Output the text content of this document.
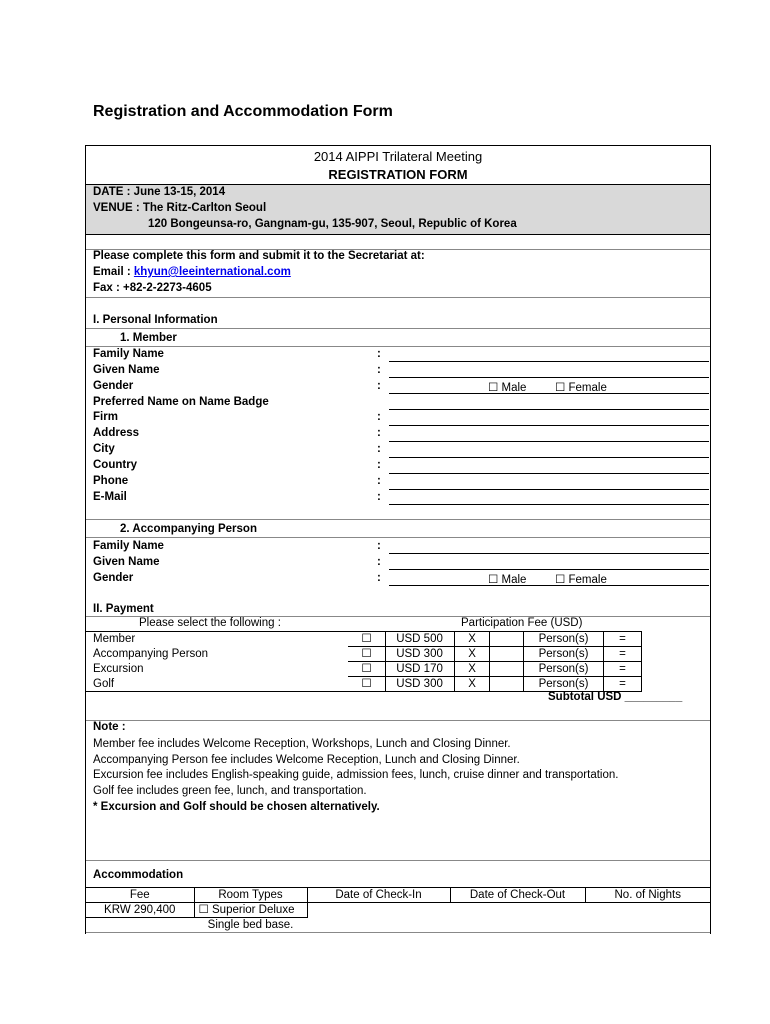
Registration and Accommodation Form
2014 AIPPI Trilateral Meeting
REGISTRATION FORM
DATE : June 13-15, 2014
VENUE : The Ritz-Carlton Seoul
120 Bongeunsa-ro, Gangnam-gu, 135-907, Seoul, Republic of Korea
Please complete this form and submit it to the Secretariat at:
Email : khyun@leeinternational.com
Fax : +82-2-2273-4605
I. Personal Information
1. Member
Family Name	:
Given Name	:
Gender	:	☐ Male ☐ Female
Preferred Name on Name Badge
Firm	:
Address	:
City	:
Country	:
Phone	:
E-Mail	:
2. Accompanying Person
Family Name	:
Given Name	:
Gender	:	☐ Male ☐ Female
II. Payment
Please select the following :	Participation Fee (USD)
Member	☐	USD 500	X		Person(s)	=
Accompanying Person	☐	USD 300	X		Person(s)	=
Excursion	☐	USD 170	X		Person(s)	=
Golf	☐	USD 300	X		Person(s)	=
Subtotal USD _________
Note :
Member fee includes Welcome Reception, Workshops, Lunch and Closing Dinner.
Accompanying Person fee includes Welcome Reception, Lunch and Closing Dinner.
Excursion fee includes English-speaking guide, admission fees, lunch, cruise dinner and transportation.
Golf fee includes green fee, lunch, and transportation.
* Excursion and Golf should be chosen alternatively.
Accommodation
Fee	Room Types	Date of Check-In	Date of Check-Out	No. of Nights
KRW 290,400	☐ Superior Deluxe			
	Single bed base.			
